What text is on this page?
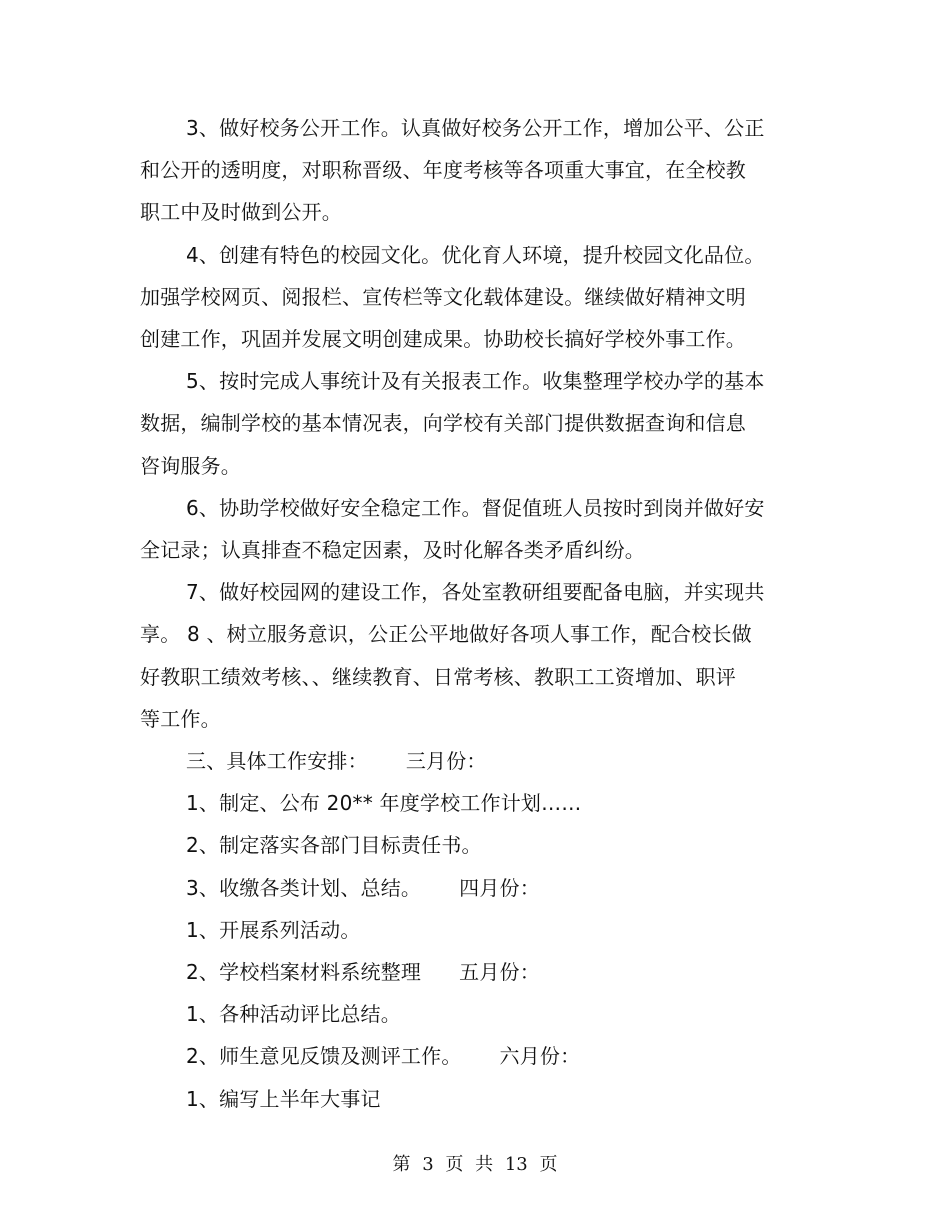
3、做好校务公开工作。认真做好校务公开工作，增加公平、公正
和公开的透明度，对职称晋级、年度考核等各项重大事宜，在全校教
职工中及时做到公开。

4、创建有特色的校园文化。优化育人环境，提升校园文化品位。
加强学校网页、阅报栏、宣传栏等文化载体建设。继续做好精神文明
创建工作，巩固并发展文明创建成果。协助校长搞好学校外事工作。

5、按时完成人事统计及有关报表工作。收集整理学校办学的基本
数据，编制学校的基本情况表，向学校有关部门提供数据查询和信息
咨询服务。

6、协助学校做好安全稳定工作。督促值班人员按时到岗并做好安
全记录；认真排查不稳定因素，及时化解各类矛盾纠纷。

7、做好校园网的建设工作，各处室教研组要配备电脑，并实现共
享。 8 、树立服务意识，公正公平地做好各项人事工作，配合校长做
好教职工绩效考核、、继续教育、日常考核、教职工工资增加、职评
等工作。

三、具体工作安排： 三月份：

1、制定、公布 20** 年度学校工作计划……
2、制定落实各部门目标责任书。
3、收缴各类计划、总结。 四月份：
1、开展系列活动。
2、学校档案材料系统整理 五月份：
1、各种活动评比总结。
2、师生意见反馈及测评工作。 六月份：
1、编写上半年大事记

第 3 页 共 13 页
